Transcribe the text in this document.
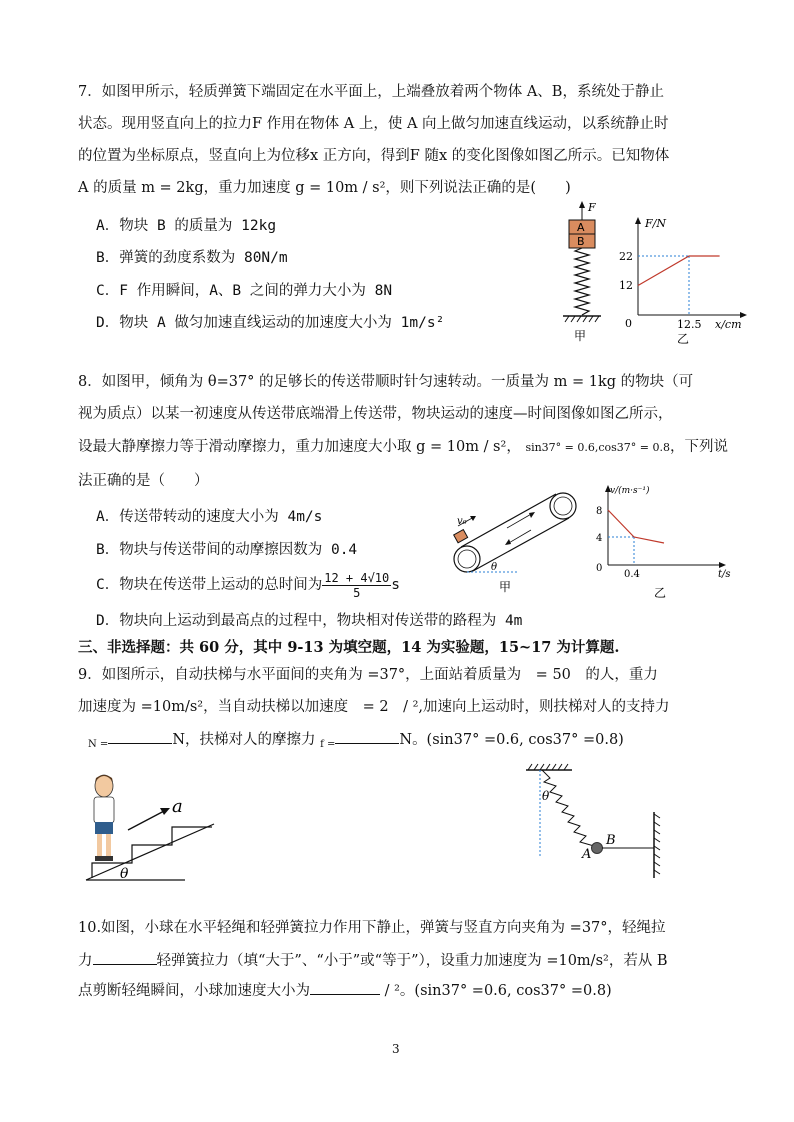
7．如图甲所示，轻质弹簧下端固定在水平面上，上端叠放着两个物体 A、B，系统处于静止
状态。现用竖直向上的拉力F 作用在物体 A 上，使 A 向上做匀加速直线运动，以系统静止时
的位置为坐标原点，竖直向上为位移x 正方向，得到F 随x 的变化图像如图乙所示。已知物体
A 的质量 m = 2kg，重力加速度 g = 10m / s²，则下列说法正确的是(　　)
A．物块 B 的质量为 12kg
B．弹簧的劲度系数为 80N/m
C．F 作用瞬间，A、B 之间的弹力大小为 8N
D．物块 A 做匀加速直线运动的加速度大小为 1m/s²
F
A
B
甲
F/N
x/cm
0
22
12
12.5
乙
8．如图甲，倾角为 θ=37° 的足够长的传送带顺时针匀速转动。一质量为 m = 1kg 的物块（可
视为质点）以某一初速度从传送带底端滑上传送带，物块运动的速度—时间图像如图乙所示，
设最大静摩擦力等于滑动摩擦力，重力加速度大小取 g = 10m / s²， sin37° = 0.6,cos37° = 0.8，下列说
法正确的是（　　）
A．传送带转动的速度大小为 4m/s
B．物块与传送带间的动摩擦因数为 0.4
C．物块在传送带上运动的总时间为 $\frac{12 + 4√10}{5}$ s
D．物块向上运动到最高点的过程中，物块相对传送带的路程为 4m
v₀
θ
甲
v/(m·s⁻¹)
t/s
0
8
4
0.4
乙
三、非选择题：共 60 分，其中 9-13 为填空题，14 为实验题，15~17 为计算题.
9．如图所示，自动扶梯与水平面间的夹角为 =37°，上面站着质量为　= 50　的人，重力
加速度为 =10m/s²，当自动扶梯以加速度　= 2　/ ²,加速向上运动时，则扶梯对人的支持力
$_{N =}$	N，扶梯对人的摩擦力 $_{f =}$	N。(sin37° =0.6, cos37° =0.8)
θ
a	θ
A
B
10.如图，小球在水平轻绳和轻弹簧拉力作用下静止，弹簧与竖直方向夹角为 =37°，轻绳拉
力	轻弹簧拉力（填“大于”、“小于”或“等于”），设重力加速度为 =10m/s²，若从 B
点剪断轻绳瞬间，小球加速度大小为	/ ²。(sin37° =0.6, cos37° =0.8)
3
